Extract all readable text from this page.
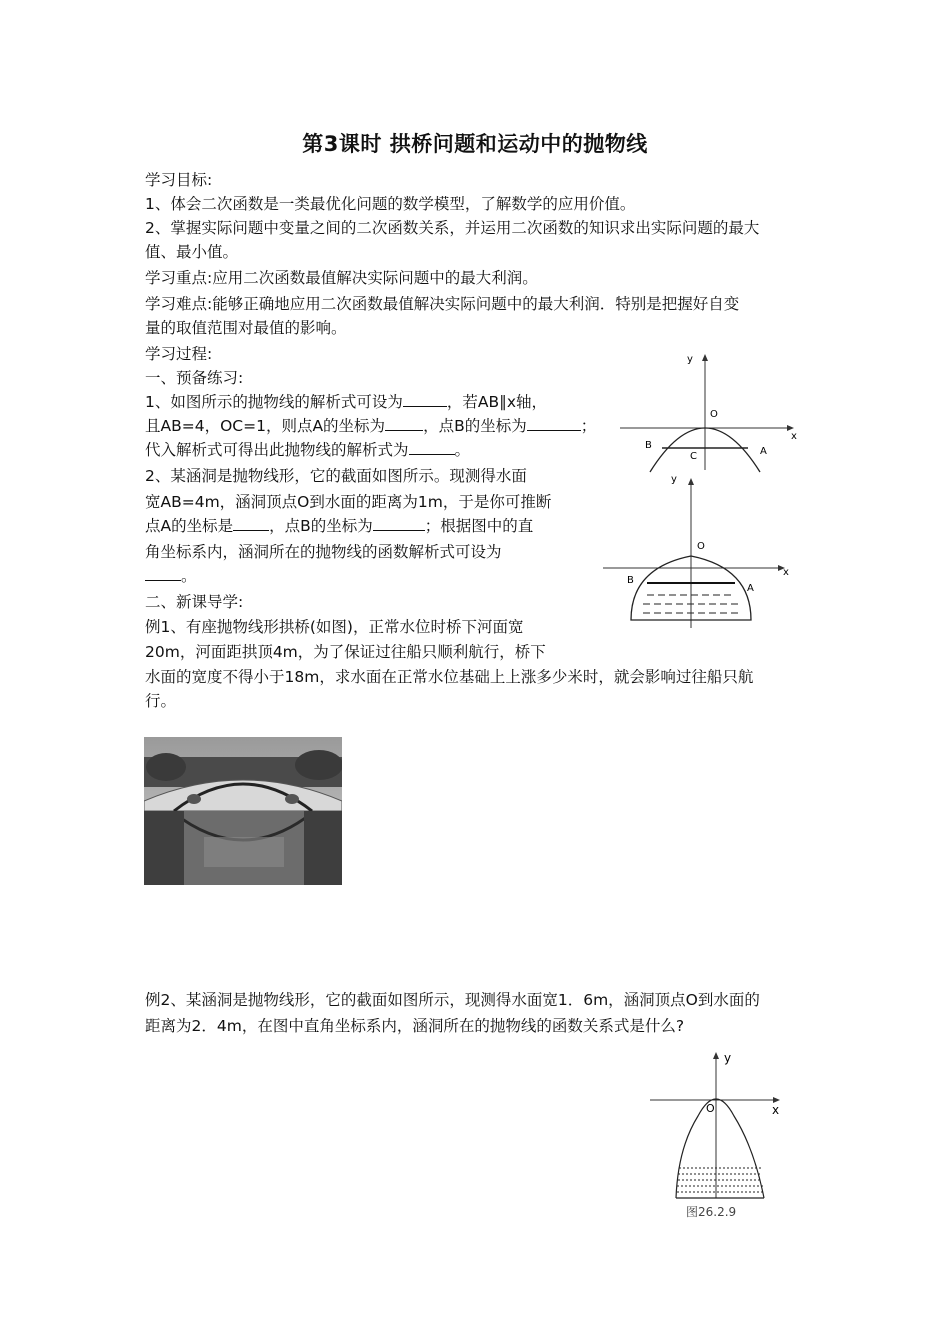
第3课时 拱桥问题和运动中的抛物线
学习目标:
1、体会二次函数是一类最优化问题的数学模型，了解数学的应用价值。
2、掌握实际问题中变量之间的二次函数关系，并运用二次函数的知识求出实际问题的最大
值、最小值。
学习重点:应用二次函数最值解决实际问题中的最大利润。
学习难点:能够正确地应用二次函数最值解决实际问题中的最大利润．特别是把握好自变
量的取值范围对最值的影响。
学习过程:
一、预备练习:
1、如图所示的抛物线的解析式可设为	，若AB∥x轴，
且AB=4，OC=1，则点A的坐标为 ，点B的坐标为	；
代入解析式可得出此抛物线的解析式为	。
2、某涵洞是抛物线形，它的截面如图所示。现测得水面
宽AB=4m，涵洞顶点O到水面的距离为1m，于是你可推断
点A的坐标是 ，点B的坐标为	；根据图中的直
角坐标系内，涵洞所在的抛物线的函数解析式可设为
。
二、新课导学:
例1、有座抛物线形拱桥(如图)，正常水位时桥下河面宽
20m，河面距拱顶4m，为了保证过往船只顺利航行，桥下
水面的宽度不得小于18m，求水面在正常水位基础上上涨多少米时，就会影响过往船只航
行。
y
x
O
B
A
C
y
x
O
B
A
例2、某涵洞是抛物线形，它的截面如图所示，现测得水面宽1．6m，涵洞顶点O到水面的
距离为2．4m，在图中直角坐标系内，涵洞所在的抛物线的函数关系式是什么?
y
x
O
图26.2.9
